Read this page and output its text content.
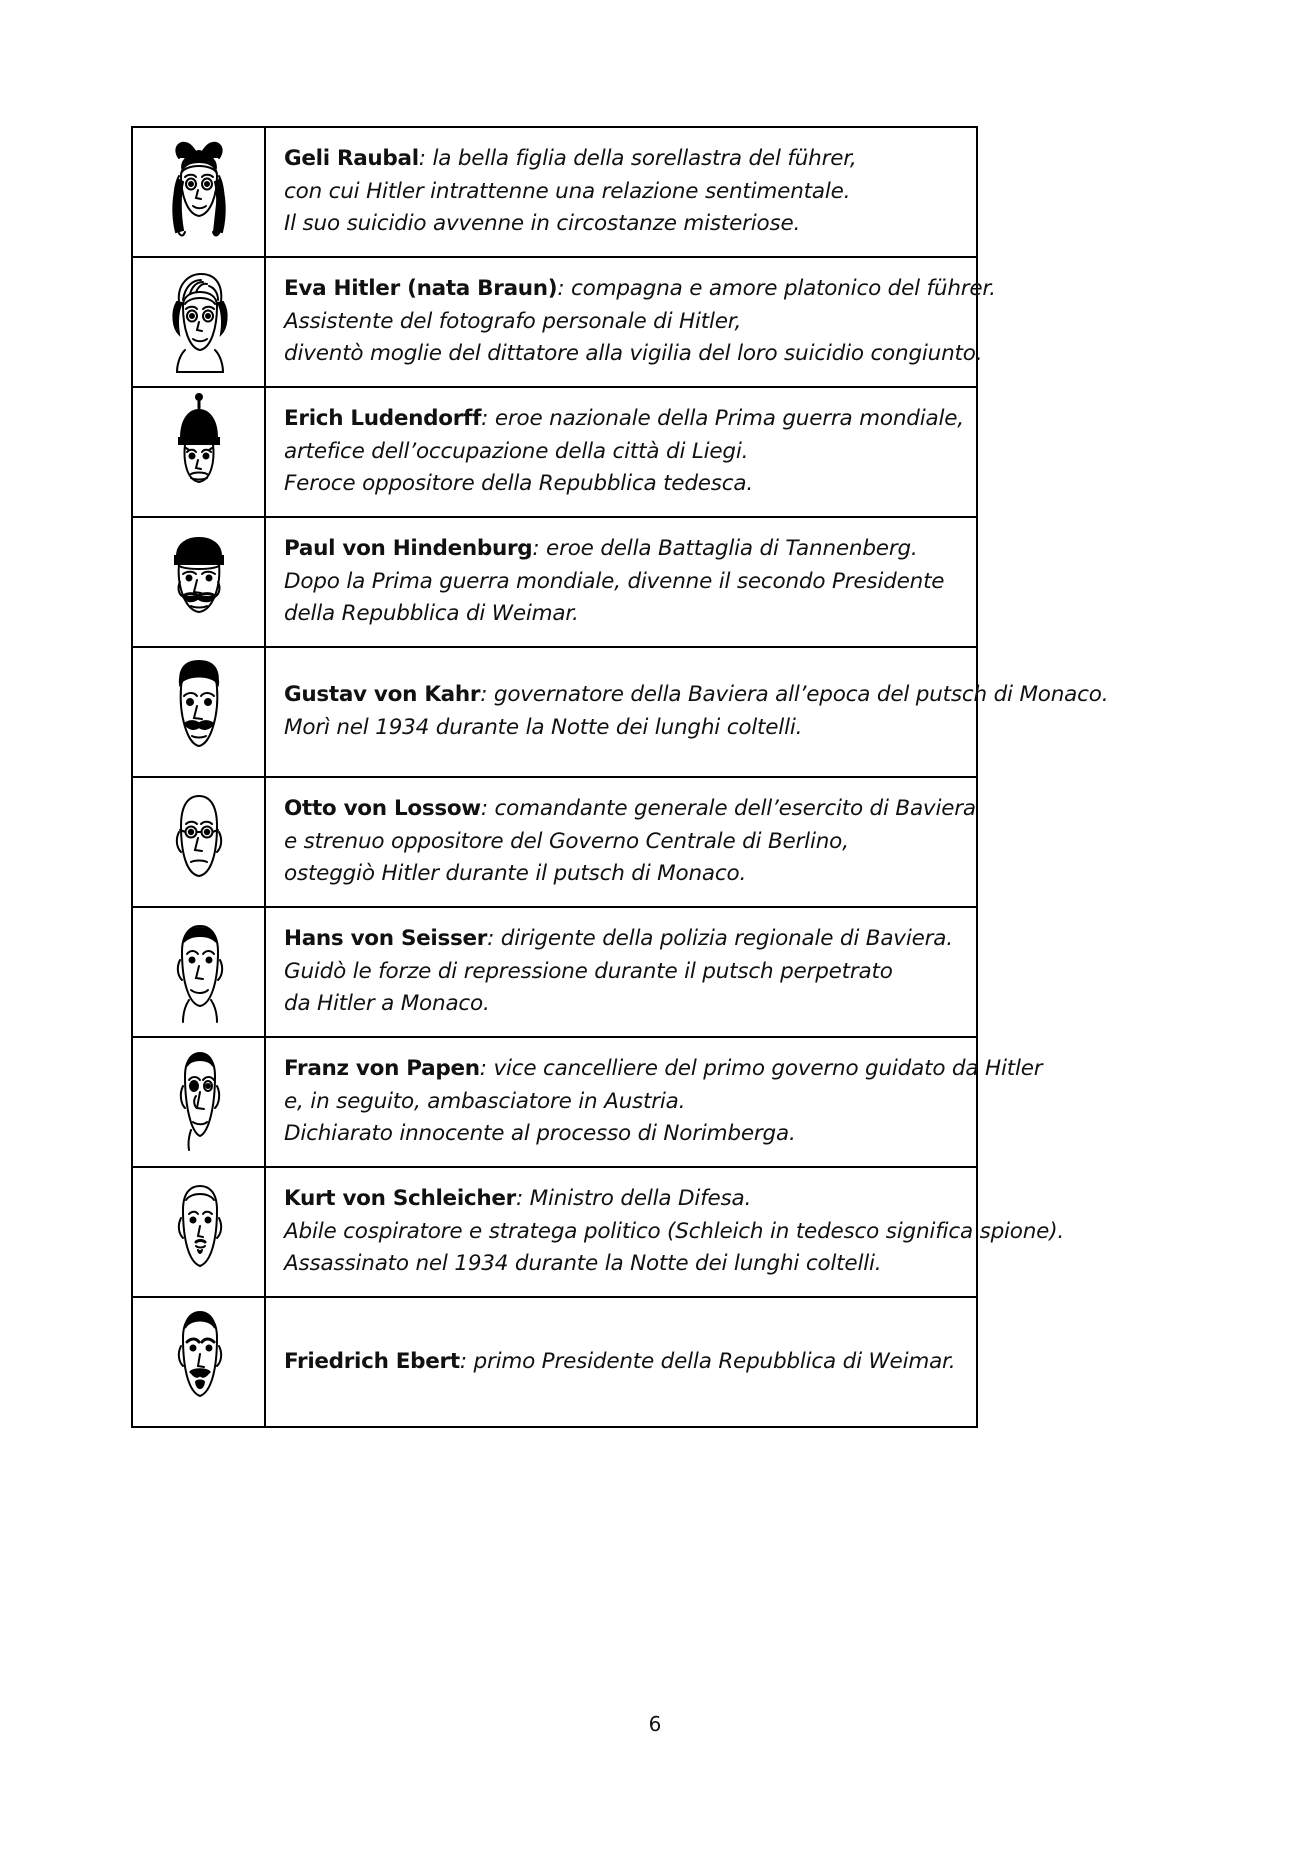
Geli Raubal: la bella figlia della sorellastra del führer,
con cui Hitler intrattenne una relazione sentimentale.
Il suo suicidio avvenne in circostanze misteriose.

Eva Hitler (nata Braun): compagna e amore platonico del führer.
Assistente del fotografo personale di Hitler,
diventò moglie del dittatore alla vigilia del loro suicidio congiunto.

Erich Ludendorff: eroe nazionale della Prima guerra mondiale,
artefice dell’occupazione della città di Liegi.
Feroce oppositore della Repubblica tedesca.

Paul von Hindenburg: eroe della Battaglia di Tannenberg.
Dopo la Prima guerra mondiale, divenne il secondo Presidente
della Repubblica di Weimar.

Gustav von Kahr: governatore della Baviera all’epoca del putsch di Monaco.
Morì nel 1934 durante la Notte dei lunghi coltelli.

Otto von Lossow: comandante generale dell’esercito di Baviera
e strenuo oppositore del Governo Centrale di Berlino,
osteggiò Hitler durante il putsch di Monaco.

Hans von Seisser: dirigente della polizia regionale di Baviera.
Guidò le forze di repressione durante il putsch perpetrato
da Hitler a Monaco.

Franz von Papen: vice cancelliere del primo governo guidato da Hitler
e, in seguito, ambasciatore in Austria.
Dichiarato innocente al processo di Norimberga.

Kurt von Schleicher: Ministro della Difesa.
Abile cospiratore e stratega politico (Schleich in tedesco significa spione).
Assassinato nel 1934 durante la Notte dei lunghi coltelli.

Friedrich Ebert: primo Presidente della Repubblica di Weimar.
6
